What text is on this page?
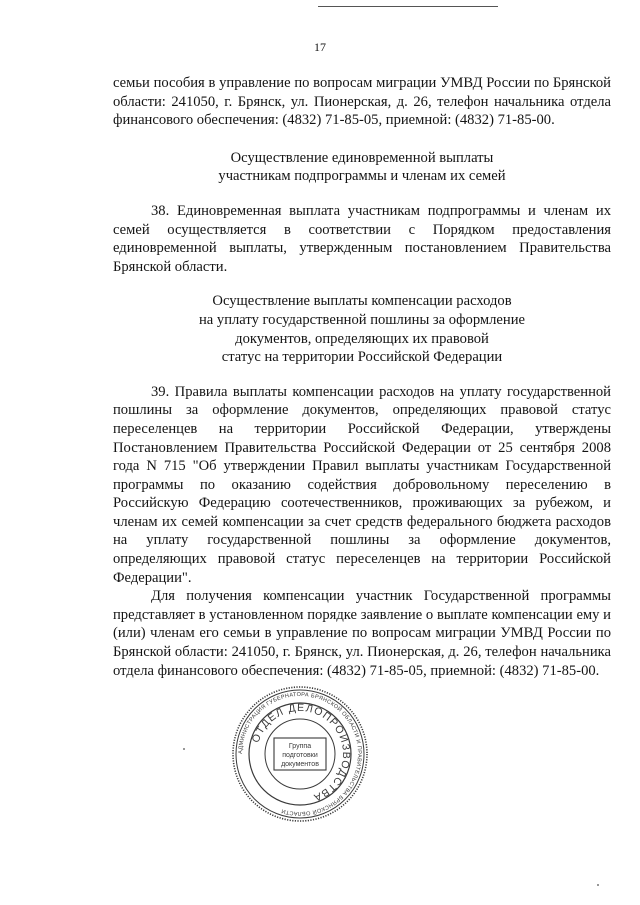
17

семьи пособия в управление по вопросам миграции УМВД России по Брянской области: 241050, г. Брянск, ул. Пионерская, д. 26, телефон начальника отдела финансового обеспечения: (4832) 71-85-05, приемной: (4832) 71-85-00.

Осуществление единовременной выплаты
участникам подпрограммы и членам их семей

38. Единовременная выплата участникам подпрограммы и членам их семей осуществляется в соответствии с Порядком предоставления единовременной выплаты, утвержденным постановлением Правительства Брянской области.

Осуществление выплаты компенсации расходов
на уплату государственной пошлины за оформление
документов, определяющих их правовой
статус на территории Российской Федерации

39. Правила выплаты компенсации расходов на уплату государственной пошлины за оформление документов, определяющих правовой статус переселенцев на территории Российской Федерации, утверждены Постановлением Правительства Российской Федерации от 25 сентября 2008 года N 715 "Об утверждении Правил выплаты участникам Государственной программы по оказанию содействия добровольному переселению в Российскую Федерацию соотечественников, проживающих за рубежом, и членам их семей компенсации за счет средств федерального бюджета расходов на уплату государственной пошлины за оформление документов, определяющих правовой статус переселенцев на территории Российской Федерации".

Для получения компенсации участник Государственной программы представляет в установленном порядке заявление о выплате компенсации ему и (или) членам его семьи в управление по вопросам миграции УМВД России по Брянской области: 241050, г. Брянск, ул. Пионерская, д. 26, телефон начальника отдела финансового обеспечения: (4832) 71-85-05, приемной: (4832) 71-85-00.

АДМИНИСТРАЦИЯ ГУБЕРНАТОРА БРЯНСКОЙ ОБЛАСТИ И ПРАВИТЕЛЬСТВА БРЯНСКОЙ ОБЛАСТИ
ОТДЕЛ ДЕЛОПРОИЗВОДСТВА
Группа
подготовки
документов
